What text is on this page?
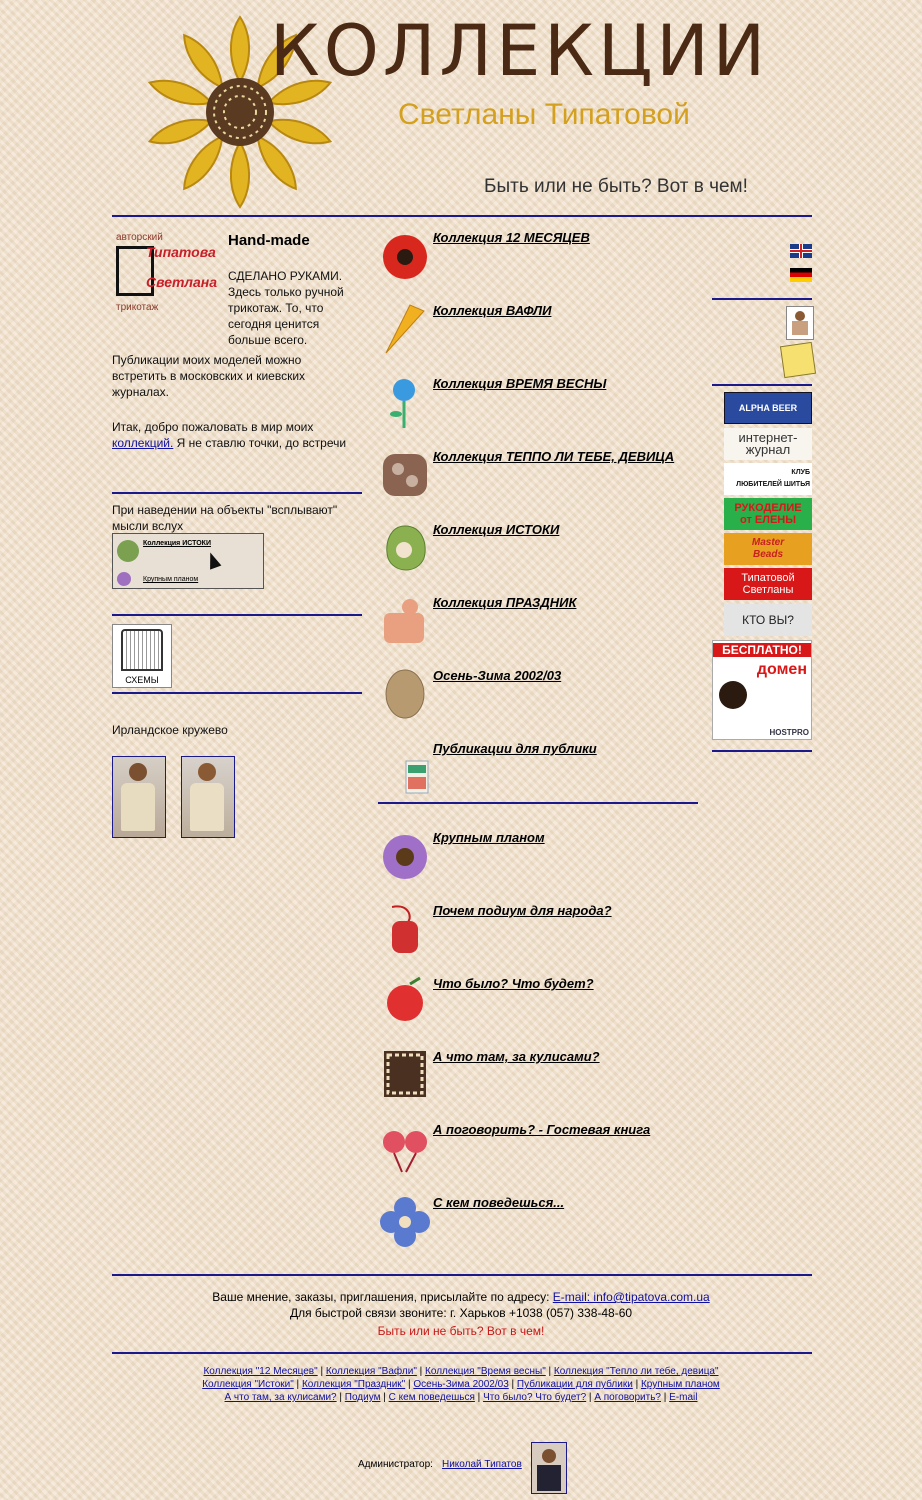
КОЛЛЕКЦИИ
Светланы Типатовой
Быть или не быть? Вот в чем!
авторский
Типатова
Светлана
трикотаж
Hand-made
СДЕЛАНО РУКАМИ. Здесь только ручной трикотаж. То, что сегодня ценится больше всего.
Публикации моих моделей можно встретить в московских и киевских журналах.
Итак, добро пожаловать в мир моих
коллекций. Я не ставлю точки, до встречи
При наведении на объекты "всплывают" мысли вслух
Коллекция ИСТОКИ
Крупным планом
СХЕМЫ
Ирландское кружево
Коллекция 12 МЕСЯЦЕВ
Коллекция ВАФЛИ
Коллекция ВРЕМЯ ВЕСНЫ
Коллекция ТЕППО ЛИ ТЕБЕ, ДЕВИЦА
Коллекция ИСТОКИ
Коллекция ПРАЗДНИК
Осень-Зима 2002/03
Публикации для публики
Крупным планом
Почем подиум для народа?
Что было? Что будет?
А что там, за кулисами?
А поговорить? - Гостевая книга
С кем поведешься...
ALPHA BEER
интернет-
журнал
КЛУБ
ЛЮБИТЕЛЕЙ ШИТЬЯ
РУКОДЕЛИЕ
от ЕЛЕНЫ
Master
Beads
Типатовой
Светланы
КТО ВЫ?
БЕСПЛАТНО!
домен
HOSTPRO
Ваше мнение, заказы, приглашения, присылайте по адресу: E-mail: info@tipatova.com.ua
Для быстрой связи звоните: г. Харьков +1038 (057) 338-48-60
Быть или не быть? Вот в чем!
Коллекция "12 Месяцев" | Коллекция "Вафли" | Коллекция "Время весны" | Коллекция "Тепло ли тебе, девица"
Коллекция "Истоки" | Коллекция "Праздник" | Осень-Зима 2002/03 | Публикации для публики | Крупным планом
А что там, за кулисами? | Подиум | С кем поведешься | Что было? Что будет? | А поговорить? | E-mail
Администратор: Николай Типатов
